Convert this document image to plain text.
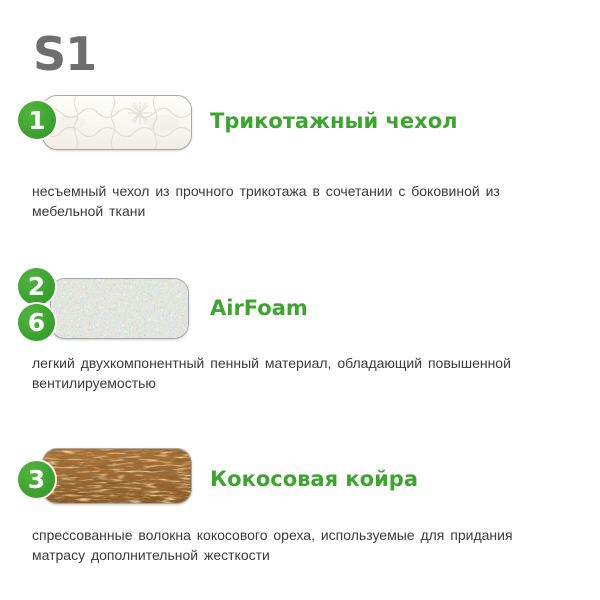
S1
1	Трикотажный чехол
несъемный чехол из прочного трикотажа в сочетании с боковиной из
мебельной ткани
2
6	AirFoam
легкий двухкомпонентный пенный материал, обладающий повышенной
вентилируемостью
3	Кокосовая койра
спрессованные волокна кокосового ореха, используемые для придания
матрасу дополнительной жесткости
